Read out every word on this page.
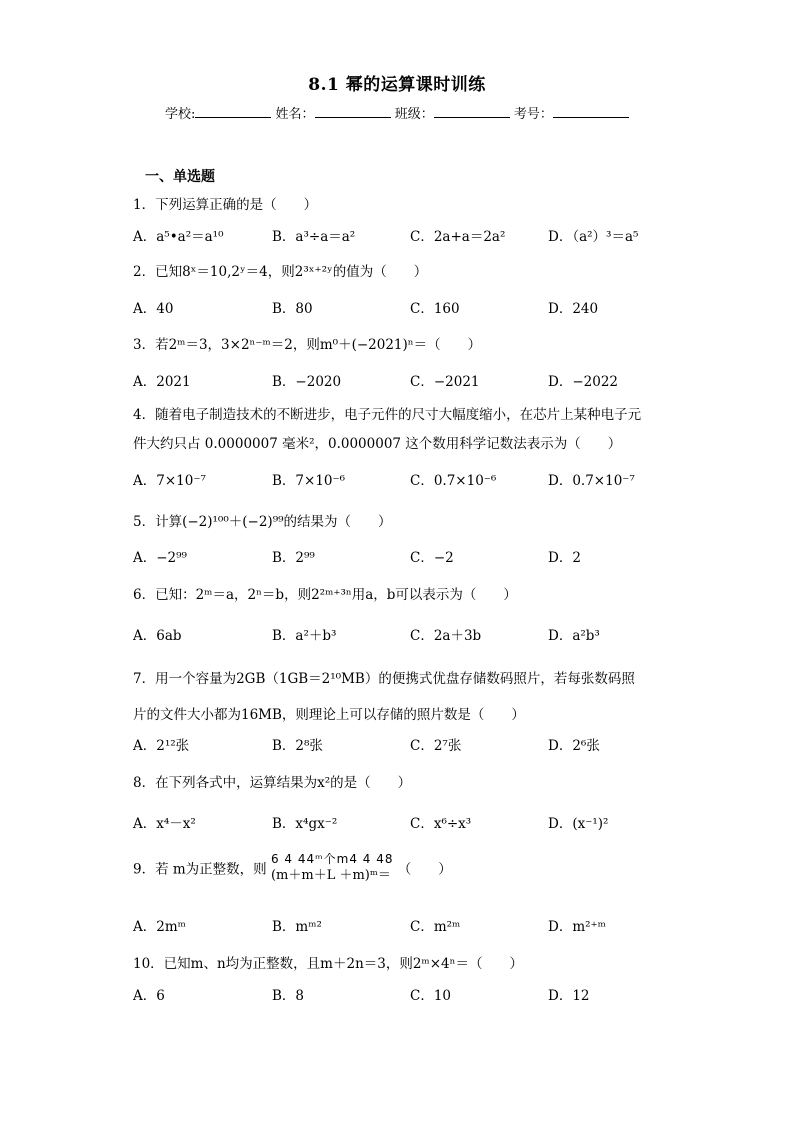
8.1 幂的运算课时训练
学校:	姓名：	班级：	考号：
一、单选题
1．下列运算正确的是（　　）
A．a⁵•a²＝a¹⁰	B．a³÷a＝a²	C．2a+a＝2a²	D．（a²）³＝a⁵
2．已知8ˣ＝10,2ʸ＝4，则2³ˣ⁺²ʸ的值为（　　）
A．40	B．80	C．160	D．240
3．若2ᵐ＝3，3×2ⁿ⁻ᵐ＝2，则m⁰＋(−2021)ⁿ＝（　　）
A．2021	B．−2020	C．−2021	D．−2022
4．随着电子制造技术的不断进步，电子元件的尺寸大幅度缩小，在芯片上某种电子元
件大约只占 0.0000007 毫米²，0.0000007 这个数用科学记数法表示为（　　）
A．7×10⁻⁷	B．7×10⁻⁶	C．0.7×10⁻⁶	D．0.7×10⁻⁷
5．计算(−2)¹⁰⁰＋(−2)⁹⁹的结果为（　　）
A．−2⁹⁹	B．2⁹⁹	C．−2	D．2
6．已知：2ᵐ＝a，2ⁿ＝b，则2²ᵐ⁺³ⁿ用a，b可以表示为（　　）
A．6ab	B．a²＋b³	C．2a＋3b	D．a²b³
7．用一个容量为2GB（1GB＝2¹⁰MB）的便携式优盘存储数码照片，若每张数码照
片的文件大小都为16MB，则理论上可以存储的照片数是（　　）
A．2¹²张	B．2⁸张	C．2⁷张	D．2⁶张
8．在下列各式中，运算结果为x²的是（　　）
A．x⁴－x²	B．x⁴gx⁻²	C．x⁶÷x³	D．(x⁻¹)²
9．若 m为正整数，则 6 4 44ᵐ个m4 4 48
(m＋m＋L ＋m)ᵐ＝ （　　）
A．2mᵐ	B．mᵐ²	C．m²ᵐ	D．m²⁺ᵐ
10．已知m、n均为正整数，且m＋2n＝3，则2ᵐ×4ⁿ＝（　　）
A．6	B．8	C．10	D．12
